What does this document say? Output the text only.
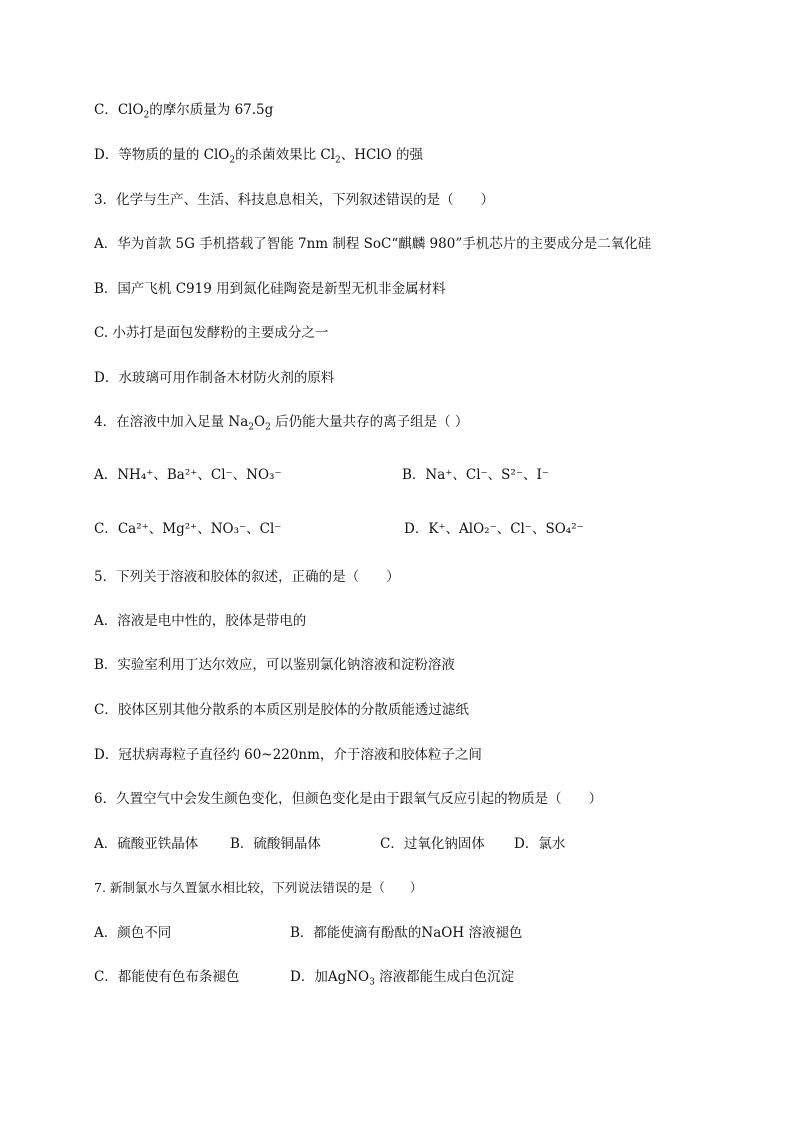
C．ClO$_2$的摩尔质量为 67.5g
D．等物质的量的 ClO$_2$的杀菌效果比 $Cl_2$、HClO 的强
3．化学与生产、生活、科技息息相关，下列叙述错误的是（　　）
A．华为首款 5G 手机搭载了智能 7nm 制程 SoC“麒麟 980”手机芯片的主要成分是二氧化硅
B．国产飞机 C919 用到氮化硅陶瓷是新型无机非金属材料
C. 小苏打是面包发酵粉的主要成分之一
D．水玻璃可用作制备木材防火剂的原料
4．在溶液中加入足量 $Na_2O_2$ 后仍能大量共存的离子组是（ ）
A．NH₄⁺、Ba²⁺、Cl⁻、NO₃⁻	B．Na⁺、Cl⁻、S²⁻、I⁻
C．Ca²⁺、Mg²⁺、NO₃⁻、Cl⁻	D．K⁺、AlO₂⁻、Cl⁻、SO₄²⁻
5．下列关于溶液和胶体的叙述，正确的是（　　）
A．溶液是电中性的，胶体是带电的
B．实验室利用丁达尔效应，可以鉴别氯化钠溶液和淀粉溶液
C．胶体区别其他分散系的本质区别是胶体的分散质能透过滤纸
D．冠状病毒粒子直径约 60~220nm，介于溶液和胶体粒子之间
6．久置空气中会发生颜色变化，但颜色变化是由于跟氧气反应引起的物质是（　　）
A．硫酸亚铁晶体 B．硫酸铜晶体	C．过氧化钠固体 D．氯水
7. 新制氯水与久置氯水相比较，下列说法错误的是（　　）
A．颜色不同	B．都能使滴有酚酞的NaOH 溶液褪色
C．都能使有色布条褪色	D．加AgNO$_3$ 溶液都能生成白色沉淀
